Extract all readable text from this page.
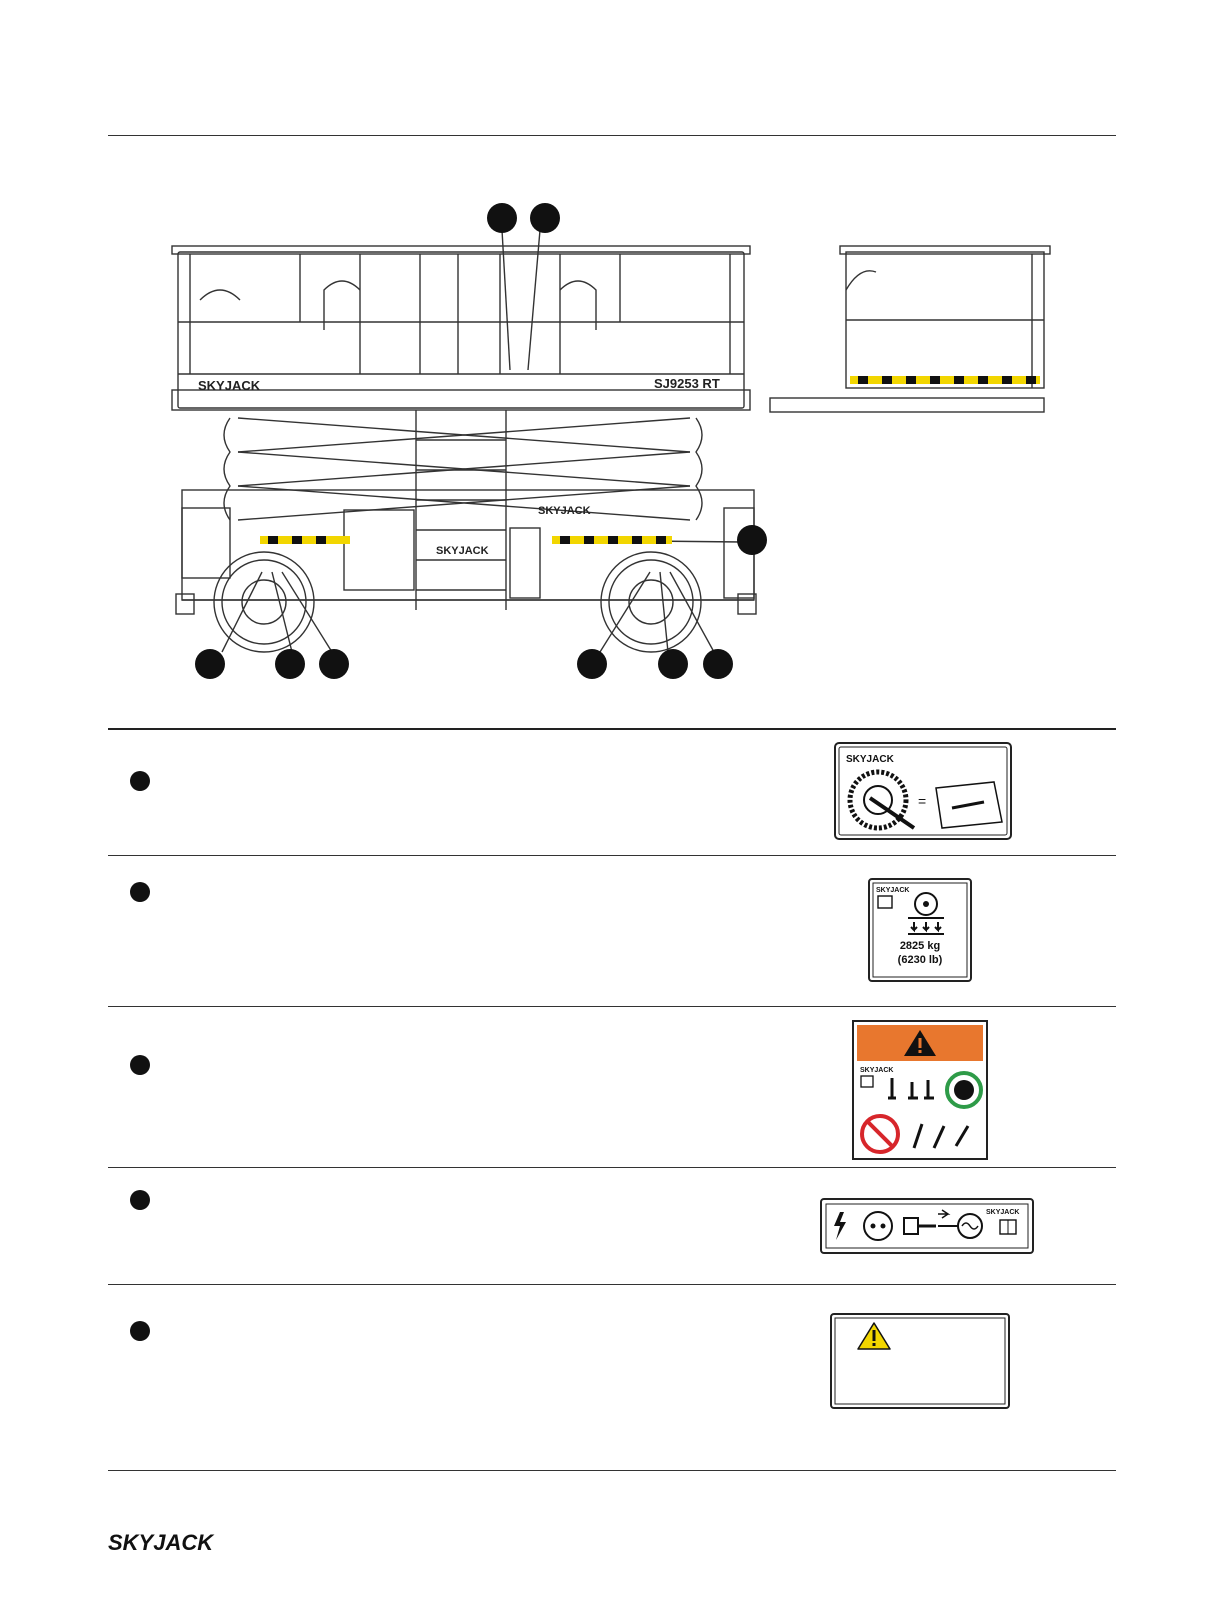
SKYJACK	SJ9253 RT
SKYJACK
SKYJACK
SKYJACK
=
SKYJACK
2825 kg
(6230 lb)
SKYJACK
SKYJACK
SKYJACK
